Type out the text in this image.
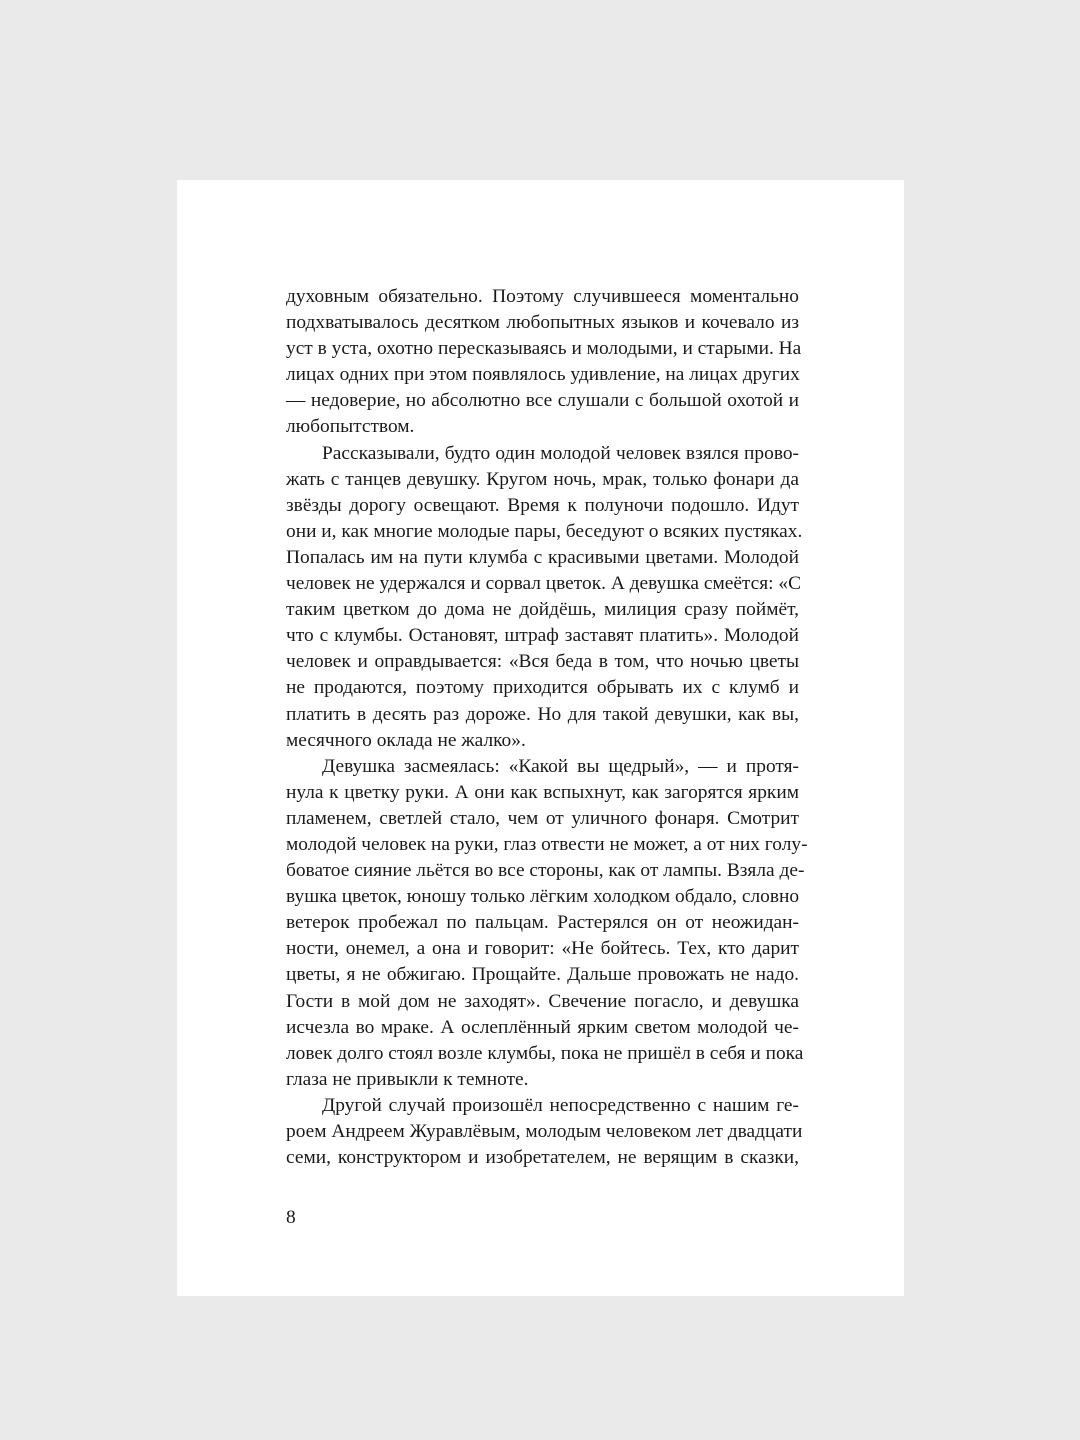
духовным обязательно. Поэтому случившееся моментально
подхватывалось десятком любопытных языков и кочевало из
уст в уста, охотно пересказываясь и молодыми, и старыми. На
лицах одних при этом появлялось удивление, на лицах других
— недоверие, но абсолютно все слушали с большой охотой и
любопытством.
Рассказывали, будто один молодой человек взялся прово-
жать с танцев девушку. Кругом ночь, мрак, только фонари да
звёзды дорогу освещают. Время к полуночи подошло. Идут
они и, как многие молодые пары, беседуют о всяких пустяках.
Попалась им на пути клумба с красивыми цветами. Молодой
человек не удержался и сорвал цветок. А девушка смеётся: «С
таким цветком до дома не дойдёшь, милиция сразу поймёт,
что с клумбы. Остановят, штраф заставят платить». Молодой
человек и оправдывается: «Вся беда в том, что ночью цветы
не продаются, поэтому приходится обрывать их с клумб и
платить в десять раз дороже. Но для такой девушки, как вы,
месячного оклада не жалко».
Девушка засмеялась: «Какой вы щедрый», — и протя-
нула к цветку руки. А они как вспыхнут, как загорятся ярким
пламенем, светлей стало, чем от уличного фонаря. Смотрит
молодой человек на руки, глаз отвести не может, а от них голу-
боватое сияние льётся во все стороны, как от лампы. Взяла де-
вушка цветок, юношу только лёгким холодком обдало, словно
ветерок пробежал по пальцам. Растерялся он от неожидан-
ности, онемел, а она и говорит: «Не бойтесь. Тех, кто дарит
цветы, я не обжигаю. Прощайте. Дальше провожать не надо.
Гости в мой дом не заходят». Свечение погасло, и девушка
исчезла во мраке. А ослеплённый ярким светом молодой че-
ловек долго стоял возле клумбы, пока не пришёл в себя и пока
глаза не привыкли к темноте.
Другой случай произошёл непосредственно с нашим ге-
роем Андреем Журавлёвым, молодым человеком лет двадцати
семи, конструктором и изобретателем, не верящим в сказки,
8
